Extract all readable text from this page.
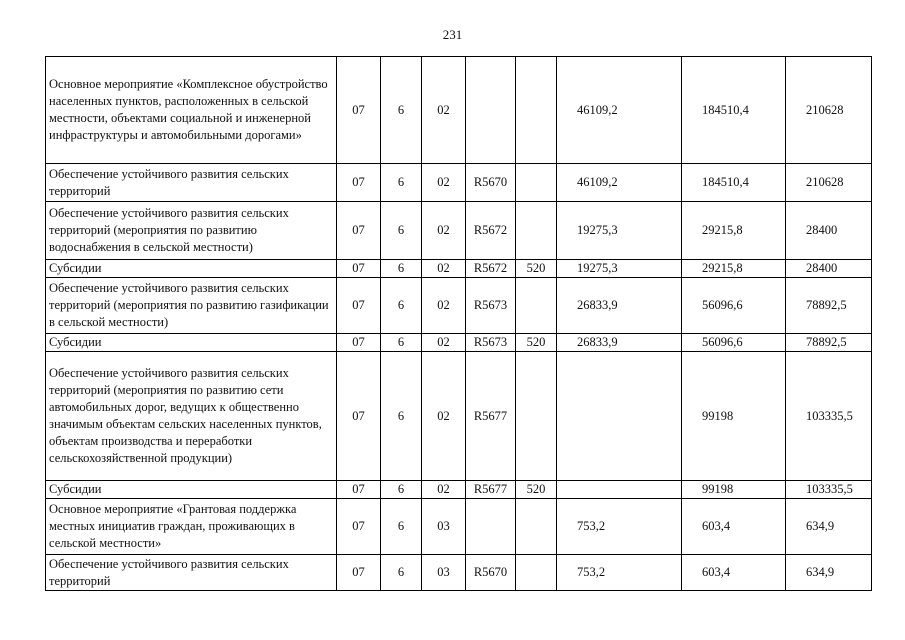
231
Основное мероприятие «Комплексное обустройство населенных пунктов, расположенных в сельской местности, объектами социальной и инженерной инфраструктуры и автомобильными дорогами»	07	6	02			46109,2	184510,4	210628
Обеспечение устойчивого развития сельских территорий	07	6	02	R5670		46109,2	184510,4	210628
Обеспечение устойчивого развития сельских территорий (мероприятия по развитию водоснабжения в сельской местности)	07	6	02	R5672		19275,3	29215,8	28400
Субсидии	07	6	02	R5672	520	19275,3	29215,8	28400
Обеспечение устойчивого развития сельских территорий (мероприятия по развитию газификации в сельской местности)	07	6	02	R5673		26833,9	56096,6	78892,5
Субсидии	07	6	02	R5673	520	26833,9	56096,6	78892,5
Обеспечение устойчивого развития сельских территорий (мероприятия по развитию сети автомобильных дорог, ведущих к общественно значимым объектам сельских населенных пунктов, объектам производства и переработки сельскохозяйственной продукции)	07	6	02	R5677			99198	103335,5
Субсидии	07	6	02	R5677	520		99198	103335,5
Основное мероприятие «Грантовая поддержка местных инициатив граждан, проживающих в сельской местности»	07	6	03			753,2	603,4	634,9
Обеспечение устойчивого развития сельских территорий	07	6	03	R5670		753,2	603,4	634,9
